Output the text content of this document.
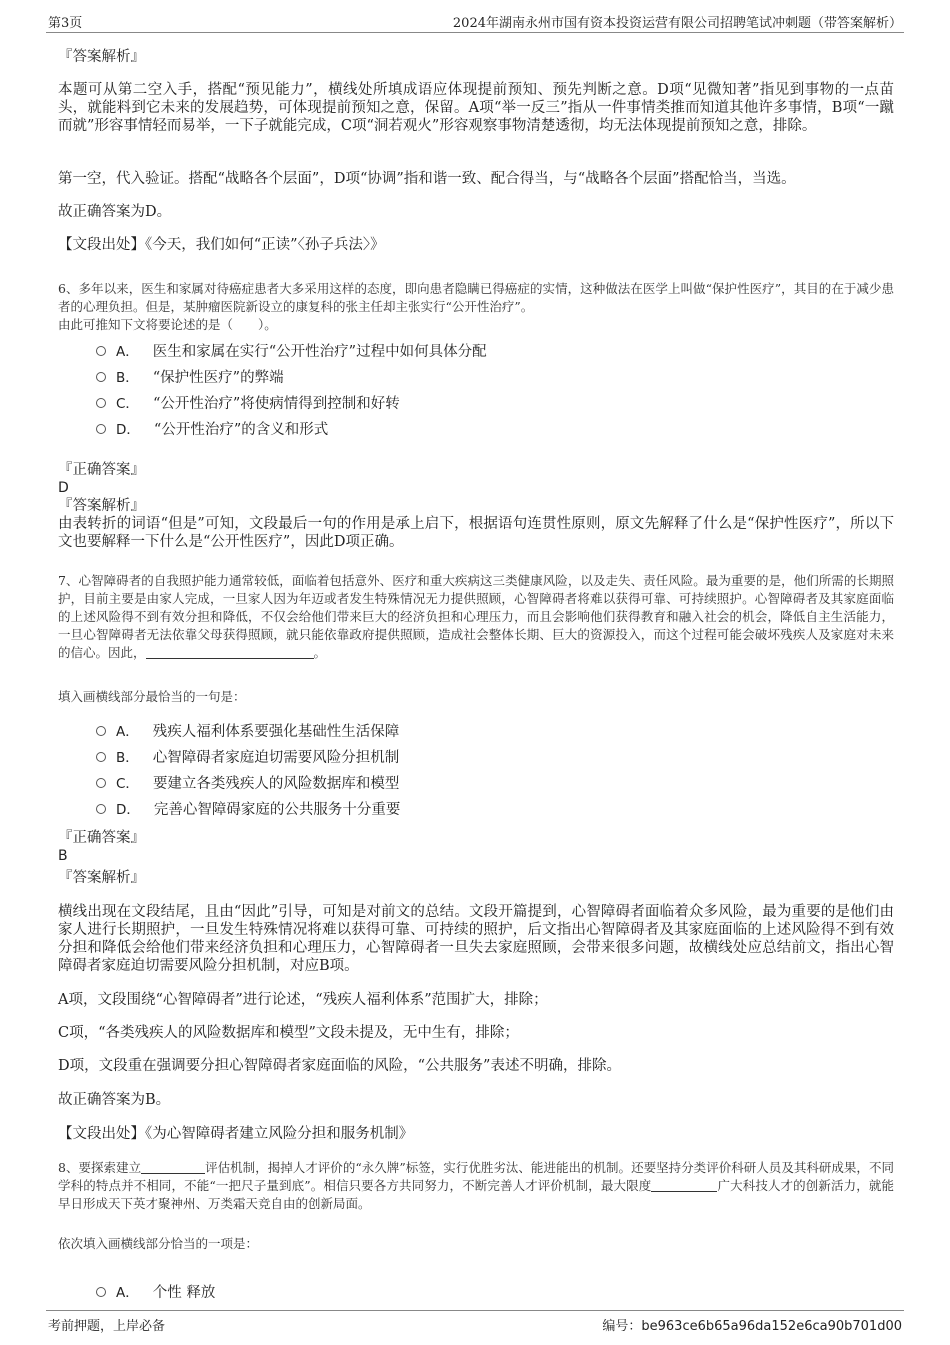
第3页	2024年湖南永州市国有资本投资运营有限公司招聘笔试冲刺题（带答案解析）

『答案解析』

本题可从第二空入手，搭配“预见能力”，横线处所填成语应体现提前预知、预先判断之意。D项“见微知著”指见到事物的一点苗头，就能料到它未来的发展趋势，可体现提前预知之意，保留。A项“举一反三”指从一件事情类推而知道其他许多事情，B项“一蹴而就”形容事情轻而易举，一下子就能完成，C项“洞若观火”形容观察事物清楚透彻，均无法体现提前预知之意，排除。

第一空，代入验证。搭配“战略各个层面”，D项“协调”指和谐一致、配合得当，与“战略各个层面”搭配恰当，当选。

故正确答案为D。

【文段出处】《今天，我们如何“正读”〈孙子兵法〉》

6、多年以来，医生和家属对待癌症患者大多采用这样的态度，即向患者隐瞒已得癌症的实情，这种做法在医学上叫做“保护性医疗”，其目的在于减少患者的心理负担。但是，某肿瘤医院新设立的康复科的张主任却主张实行“公开性治疗”。

由此可推知下文将要论述的是（　　）。

A． 医生和家属在实行“公开性治疗”过程中如何具体分配
B． “保护性医疗”的弊端
C． “公开性治疗”将使病情得到控制和好转
D． “公开性治疗”的含义和形式

『正确答案』

D

『答案解析』

由表转折的词语“但是”可知，文段最后一句的作用是承上启下，根据语句连贯性原则，原文先解释了什么是“保护性医疗”，所以下文也要解释一下什么是“公开性医疗”，因此D项正确。

7、心智障碍者的自我照护能力通常较低，面临着包括意外、医疗和重大疾病这三类健康风险，以及走失、责任风险。最为重要的是，他们所需的长期照护，目前主要是由家人完成，一旦家人因为年迈或者发生特殊情况无力提供照顾，心智障碍者将难以获得可靠、可持续照护。心智障碍者及其家庭面临的上述风险得不到有效分担和降低，不仅会给他们带来巨大的经济负担和心理压力，而且会影响他们获得教育和融入社会的机会，降低自主生活能力，一旦心智障碍者无法依靠父母获得照顾，就只能依靠政府提供照顾，造成社会整体长期、巨大的资源投入，而这个过程可能会破坏残疾人及家庭对未来的信心。因此，	。

填入画横线部分最恰当的一句是：

A． 残疾人福利体系要强化基础性生活保障
B． 心智障碍者家庭迫切需要风险分担机制
C． 要建立各类残疾人的风险数据库和模型
D． 完善心智障碍家庭的公共服务十分重要

『正确答案』

B

『答案解析』

横线出现在文段结尾，且由“因此”引导，可知是对前文的总结。文段开篇提到，心智障碍者面临着众多风险，最为重要的是他们由家人进行长期照护，一旦发生特殊情况将难以获得可靠、可持续的照护，后文指出心智障碍者及其家庭面临的上述风险得不到有效分担和降低会给他们带来经济负担和心理压力，心智障碍者一旦失去家庭照顾，会带来很多问题，故横线处应总结前文，指出心智障碍者家庭迫切需要风险分担机制，对应B项。

A项，文段围绕“心智障碍者”进行论述，“残疾人福利体系”范围扩大，排除；

C项，“各类残疾人的风险数据库和模型”文段未提及，无中生有，排除；

D项，文段重在强调要分担心智障碍者家庭面临的风险，“公共服务”表述不明确，排除。

故正确答案为B。

【文段出处】《为心智障碍者建立风险分担和服务机制》

8、要探索建立	评估机制，揭掉人才评价的“永久牌”标签，实行优胜劣汰、能进能出的机制。还要坚持分类评价科研人员及其科研成果，不同学科的特点并不相同，不能“一把尺子量到底”。相信只要各方共同努力，不断完善人才评价机制，最大限度	广大科技人才的创新活力，就能早日形成天下英才聚神州、万类霜天竞自由的创新局面。

依次填入画横线部分恰当的一项是：

A． 个性 释放
考前押题，上岸必备	编号：be963ce6b65a96da152e6ca90b701d00
